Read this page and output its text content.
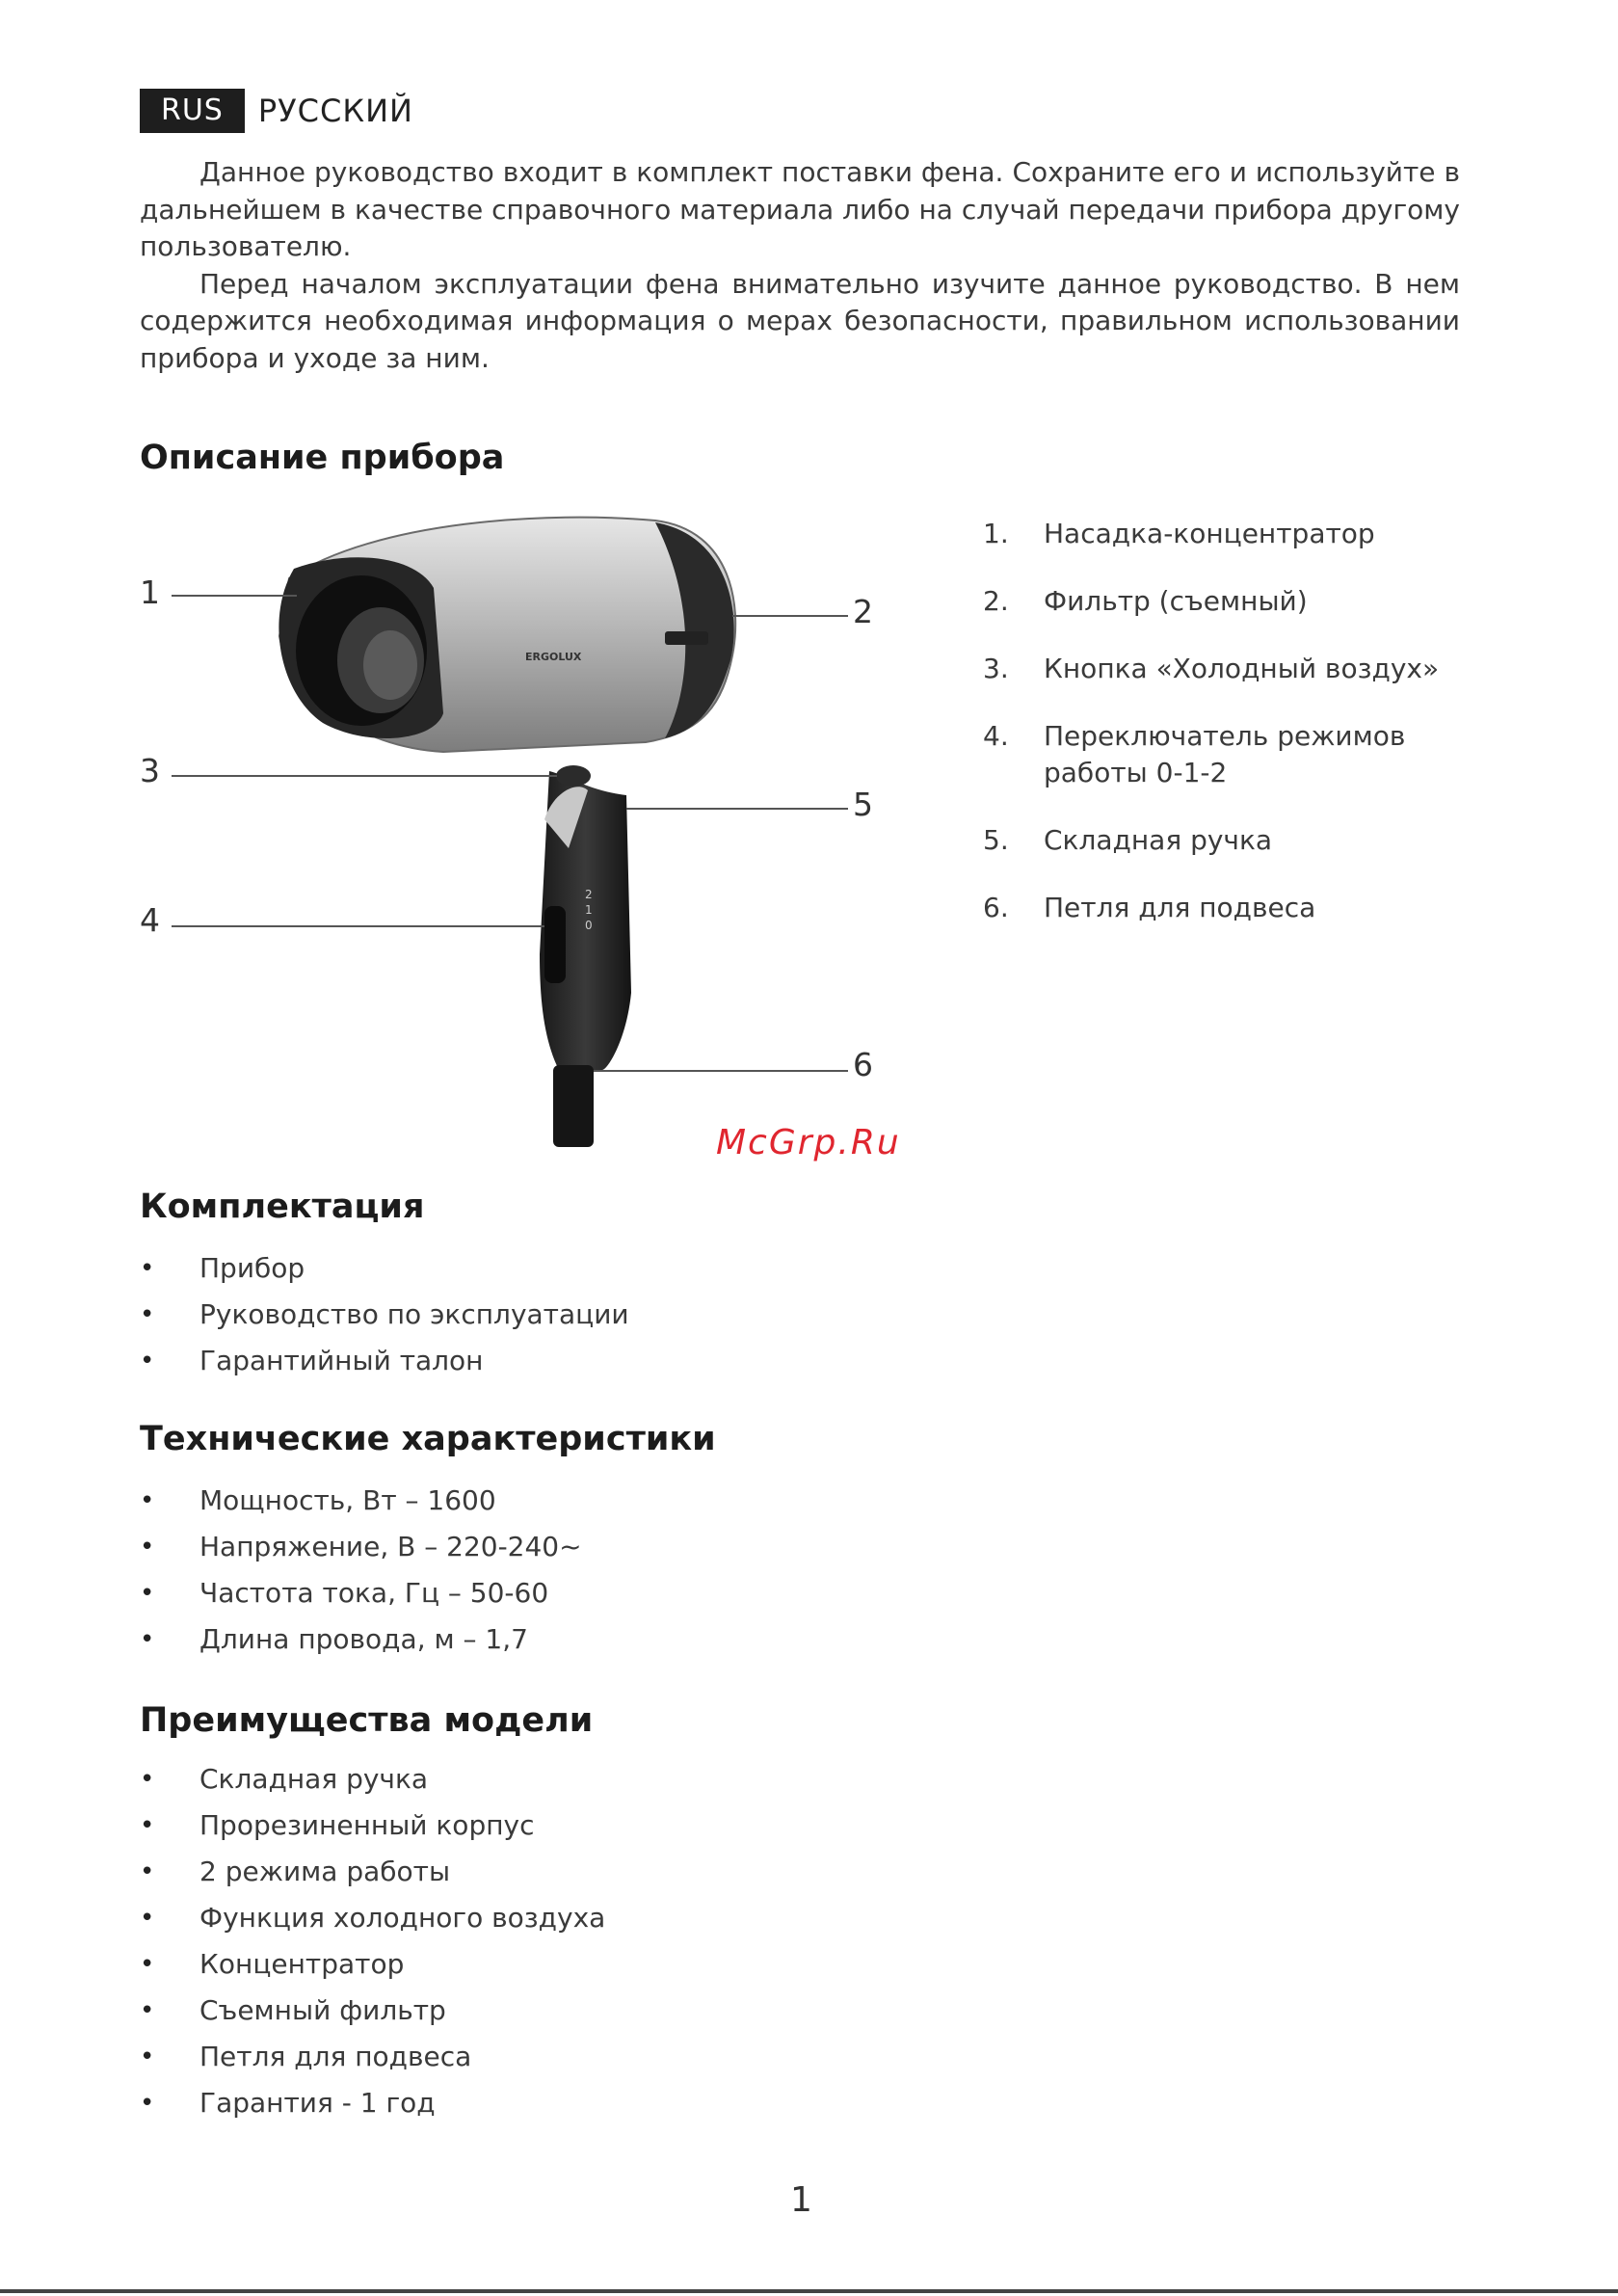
RUS	РУССКИЙ

Данное руководство входит в комплект поставки фена. Сохраните его и используйте в дальнейшем в качестве справочного материала либо на случай передачи прибора другому пользователю.

Перед началом эксплуатации фена внимательно изучите данное руководство. В нем содержится необходимая информация о мерах безопасности, правильном использовании прибора и уходе за ним.

Описание прибора
ERGOLUX
2
1
0
1
2
3
5
4
6
1.	Насадка-концентратор
2.	Фильтр (съемный)
3.	Кнопка «Холодный воздух»
4.	Переключатель режимов работы 0-1-2
5.	Складная ручка
6.	Петля для подвеса
McGrp.Ru
Комплектация
• Прибор
• Руководство по эксплуатации
• Гарантийный талон
Технические характеристики
• Мощность, Вт – 1600
• Напряжение, В – 220-240~
• Частота тока, Гц – 50-60
• Длина провода, м – 1,7
Преимущества модели
• Складная ручка
• Прорезиненный корпус
• 2 режима работы
• Функция холодного воздуха
• Концентратор
• Съемный фильтр
• Петля для подвеса
• Гарантия - 1 год
1
